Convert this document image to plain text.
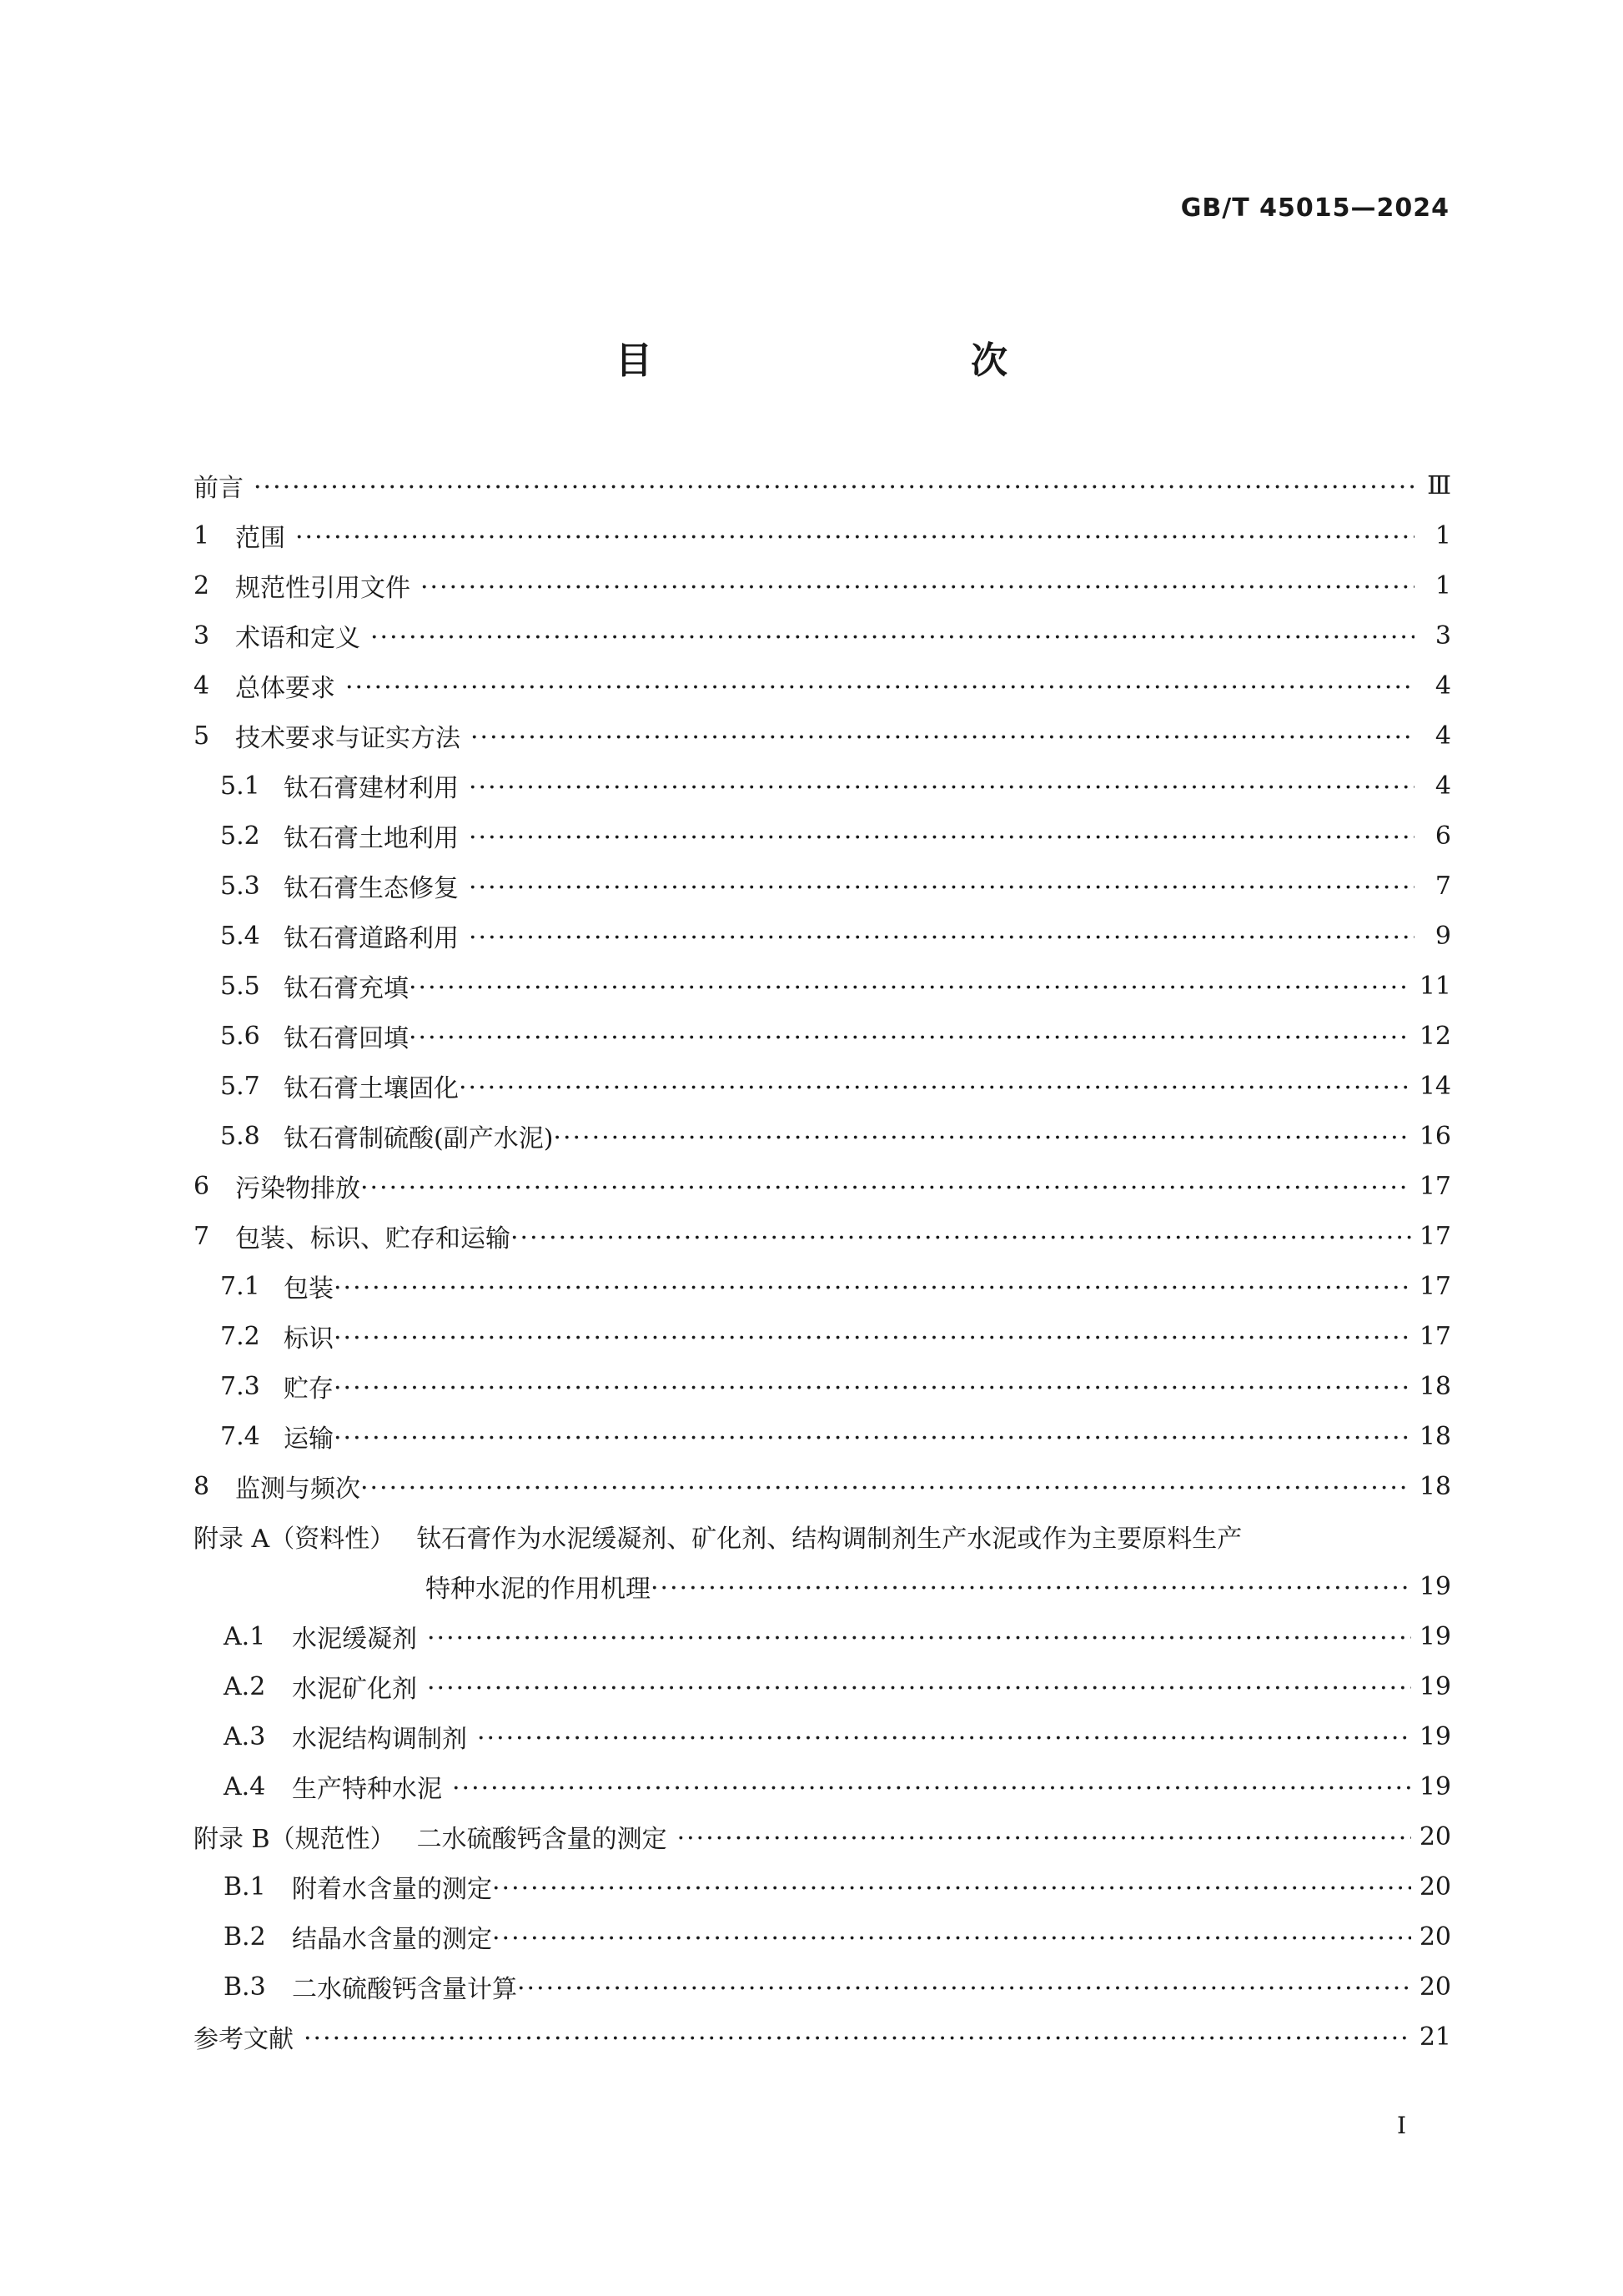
GB/T 45015—2024
目　　次
前言 ·····	Ⅲ
1	范围 ·····	1
2	规范性引用文件 ·····	1
3	术语和定义 ·····	3
4	总体要求 ·····	4
5	技术要求与证实方法 ·····	4
5.1 钛石膏建材利用 ·····	4
5.2 钛石膏土地利用 ·····	6
5.3 钛石膏生态修复 ·····	7
5.4 钛石膏道路利用 ·····	9
5.5 钛石膏充填 ·····	11
5.6 钛石膏回填 ·····	12
5.7 钛石膏土壤固化 ·····	14
5.8 钛石膏制硫酸(副产水泥) ·····	16
6	污染物排放 ·····	17
7	包装、标识、贮存和运输 ·····	17
7.1 包装 ·····	17
7.2 标识 ·····	17
7.3 贮存 ·····	18
7.4 运输 ·····	18
8	监测与频次 ·····	18
附录 A（资料性） 钛石膏作为水泥缓凝剂、矿化剂、结构调制剂生产水泥或作为主要原料生产
特种水泥的作用机理 ·····	19
A.1	水泥缓凝剂 ·····	19
A.2	水泥矿化剂 ·····	19
A.3	水泥结构调制剂 ·····	19
A.4	生产特种水泥 ·····	19
附录 B（规范性） 二水硫酸钙含量的测定 ·····	20
B.1	附着水含量的测定 ·····	20
B.2	结晶水含量的测定 ·····	20
B.3	二水硫酸钙含量计算 ·····	20
参考文献 ·····	21
I
